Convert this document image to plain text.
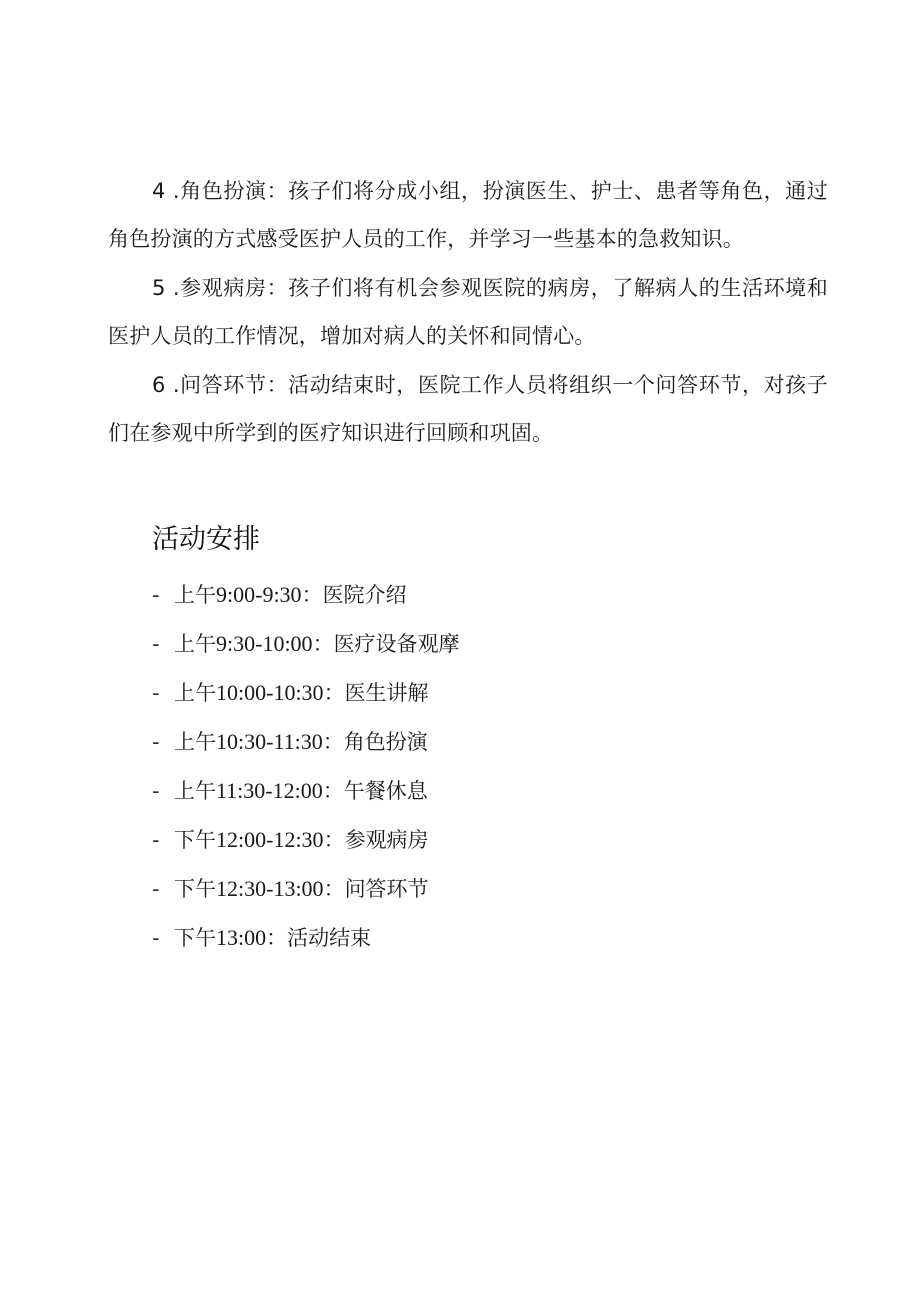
4 .角色扮演：孩子们将分成小组，扮演医生、护士、患者等角色，通过角色扮演的方式感受医护人员的工作，并学习一些基本的急救知识。

5 .参观病房：孩子们将有机会参观医院的病房，了解病人的生活环境和医护人员的工作情况，增加对病人的关怀和同情心。

6 .问答环节：活动结束时，医院工作人员将组织一个问答环节，对孩子们在参观中所学到的医疗知识进行回顾和巩固。

活动安排
- 上午9:00-9:30：医院介绍
- 上午9:30-10:00：医疗设备观摩
- 上午10:00-10:30：医生讲解
- 上午10:30-11:30：角色扮演
- 上午11:30-12:00：午餐休息
- 下午12:00-12:30：参观病房
- 下午12:30-13:00：问答环节
- 下午13:00：活动结束
